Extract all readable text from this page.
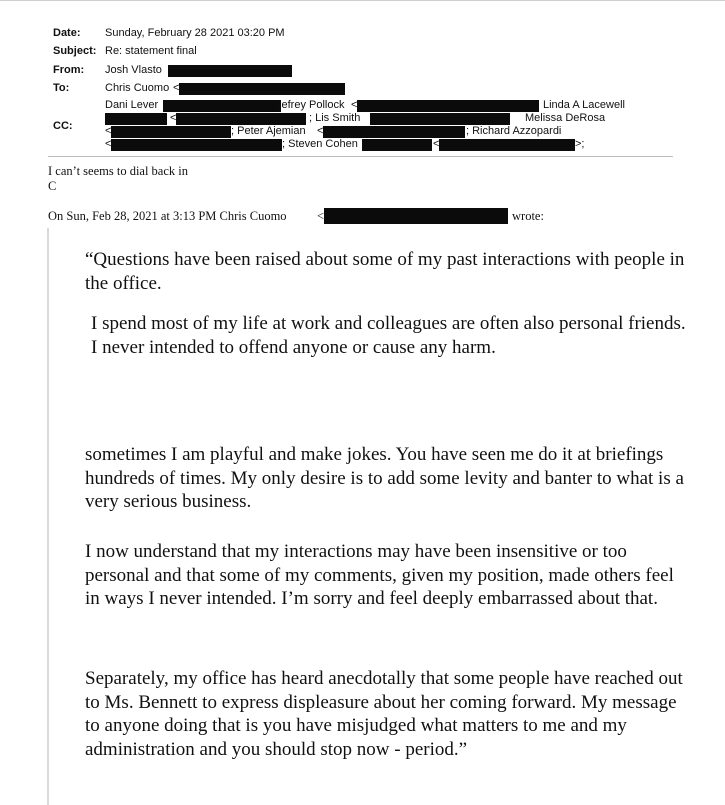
Date: Sunday, February 28 2021 03:20 PM
Subject: Re: statement final
From: Josh Vlasto
To:	Chris Cuomo <
CC:
Dani Lever	Jefrey Pollock <	Linda A Lacewell
<	; Lis Smith	Melissa DeRosa
<	; Peter Ajemian <	; Richard Azzopardi
<	; Steven Cohen	<	>;
I can’t seems to dial back in
C
On Sun, Feb 28, 2021 at 3:13 PM Chris Cuomo <	wrote:

“Questions have been raised about some of my past interactions with people in the office.

I spend most of my life at work and colleagues are often also personal friends. I never intended to offend anyone or cause any harm.

sometimes I am playful and make jokes. You have seen me do it at briefings hundreds of times. My only desire is to add some levity and banter to what is a very serious business.

I now understand that my interactions may have been insensitive or too personal and that some of my comments, given my position, made others feel in ways I never intended. I’m sorry and feel deeply embarrassed about that.

Separately, my office has heard anecdotally that some people have reached out to Ms. Bennett to express displeasure about her coming forward. My message to anyone doing that is you have misjudged what matters to me and my administration and you should stop now - period.”
